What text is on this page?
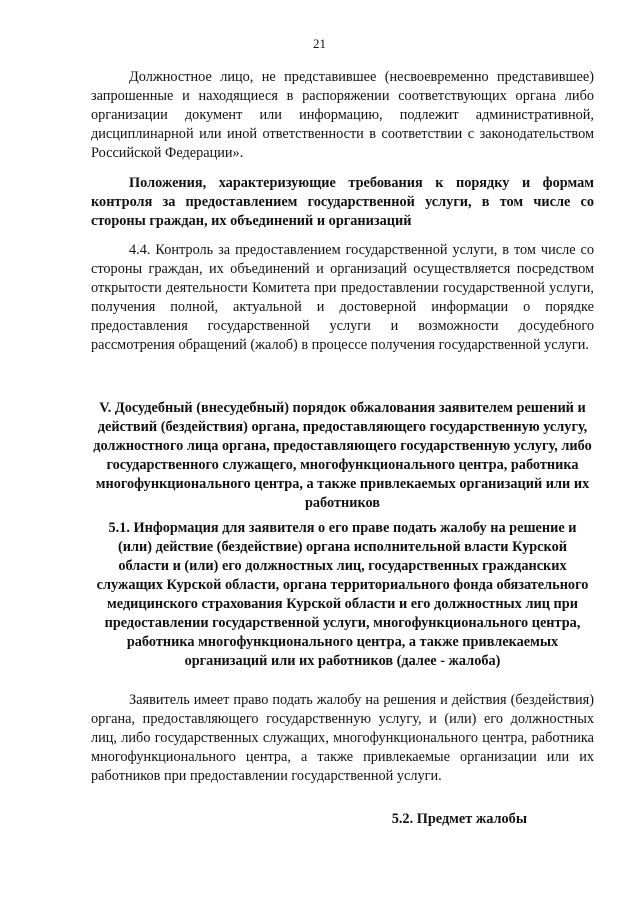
21

Должностное лицо, не представившее (несвоевременно представившее) запрошенные и находящиеся в распоряжении соответствующих органа либо организации документ или информацию, подлежит административной, дисциплинарной или иной ответственности в соответствии с законодательством Российской Федерации».

Положения, характеризующие требования к порядку и формам контроля за предоставлением государственной услуги, в том числе со стороны граждан, их объединений и организаций

4.4. Контроль за предоставлением государственной услуги, в том числе со стороны граждан, их объединений и организаций осуществляется посредством открытости деятельности Комитета при предоставлении государственной услуги, получения полной, актуальной и достоверной информации о порядке предоставления государственной услуги и возможности досудебного рассмотрения обращений (жалоб) в процессе получения государственной услуги.

V. Досудебный (внесудебный) порядок обжалования заявителем решений и действий (бездействия) органа, предоставляющего государственную услугу, должностного лица органа, предоставляющего государственную услугу, либо государственного служащего, многофункционального центра, работника многофункционального центра, а также привлекаемых организаций или их работников

5.1. Информация для заявителя о его праве подать жалобу на решение и (или) действие (бездействие) органа исполнительной власти Курской области и (или) его должностных лиц, государственных гражданских служащих Курской области, органа территориального фонда обязательного медицинского страхования Курской области и его должностных лиц при предоставлении государственной услуги, многофункционального центра, работника многофункционального центра, а также привлекаемых организаций или их работников (далее - жалоба)

Заявитель имеет право подать жалобу на решения и действия (бездействия) органа, предоставляющего государственную услугу, и (или) его должностных лиц, либо государственных служащих, многофункционального центра, работника многофункционального центра, а также привлекаемые организации или их работников при предоставлении государственной услуги.

5.2. Предмет жалобы
